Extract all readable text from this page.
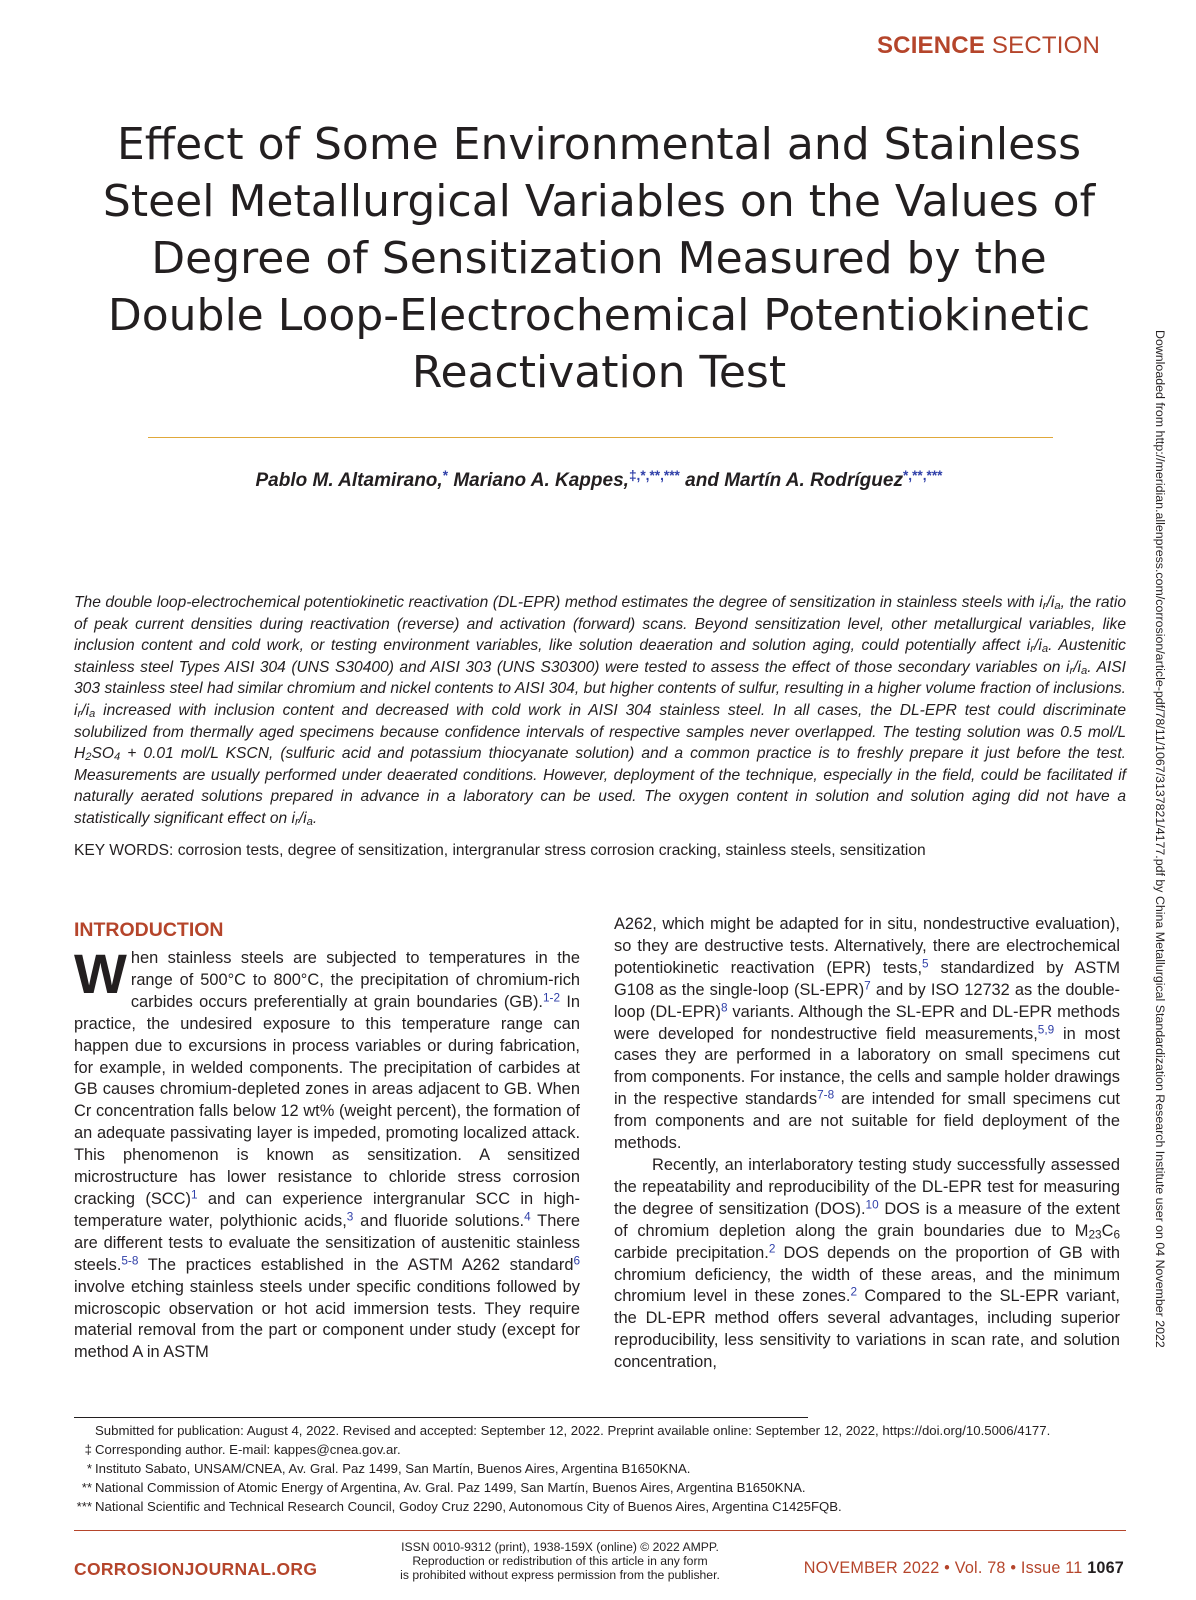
SCIENCE SECTION
Effect of Some Environmental and Stainless Steel Metallurgical Variables on the Values of Degree of Sensitization Measured by the Double Loop-Electrochemical Potentiokinetic Reactivation Test
Pablo M. Altamirano,* Mariano A. Kappes,‡,*,**,*** and Martín A. Rodríguez*,**,***

The double loop-electrochemical potentiokinetic reactivation (DL-EPR) method estimates the degree of sensitization in stainless steels with $i_r/i_a$, the ratio of peak current densities during reactivation (reverse) and activation (forward) scans. Beyond sensitization level, other metallurgical variables, like inclusion content and cold work, or testing environment variables, like solution deaeration and solution aging, could potentially affect $i_r/i_a$. Austenitic stainless steel Types AISI 304 (UNS S30400) and AISI 303 (UNS S30300) were tested to assess the effect of those secondary variables on $i_r/i_a$. AISI 303 stainless steel had similar chromium and nickel contents to AISI 304, but higher contents of sulfur, resulting in a higher volume fraction of inclusions. $i_r/i_a$ increased with inclusion content and decreased with cold work in AISI 304 stainless steel. In all cases, the DL-EPR test could discriminate solubilized from thermally aged specimens because confidence intervals of respective samples never overlapped. The testing solution was 0.5 mol/L $H_2SO_4 + 0.01$ mol/L KSCN, (sulfuric acid and potassium thiocyanate solution) and a common practice is to freshly prepare it just before the test. Measurements are usually performed under deaerated conditions. However, deployment of the technique, especially in the field, could be facilitated if naturally aerated solutions prepared in advance in a laboratory can be used. The oxygen content in solution and solution aging did not have a statistically significant effect on $i_r/i_a$.

KEY WORDS: corrosion tests, degree of sensitization, intergranular stress corrosion cracking, stainless steels, sensitization	Downloaded from http://meridian.allenpress.com/corrosion/article-pdf/78/11/1067/3137821/4177.pdf by China Metallurgical Standardization Research Institute user on 04 November 2022
INTRODUCTION

When stainless steels are subjected to temperatures in the range of 500°C to 800°C, the precipitation of chromium-rich carbides occurs preferentially at grain boundaries (GB).$^{1-2}$ In practice, the undesired exposure to this temperature range can happen due to excursions in process variables or during fabrication, for example, in welded components. The precipitation of carbides at GB causes chromium-depleted zones in areas adjacent to GB. When Cr concentration falls below 12 wt% (weight percent), the formation of an adequate passivating layer is impeded, promoting localized attack. This phenomenon is known as sensitization. A sensitized microstructure has lower resistance to chloride stress corrosion cracking (SCC)$^1$ and can experience intergranular SCC in high-temperature water, polythionic acids,$^3$ and fluoride solutions.$^4$ There are different tests to evaluate the sensitization of austenitic stainless steels.$^{5-8}$ The practices established in the ASTM A262 standard$^6$ involve etching stainless steels under specific conditions followed by microscopic observation or hot acid immersion tests. They require material removal from the part or component under study (except for method A in ASTM

A262, which might be adapted for in situ, nondestructive evaluation), so they are destructive tests. Alternatively, there are electrochemical potentiokinetic reactivation (EPR) tests,$^5$ standardized by ASTM G108 as the single-loop $(SL-EPR)^7$ and by ISO 12732 as the double-loop $(DL-EPR)^8$ variants. Although the SL-EPR and DL-EPR methods were developed for nondestructive field measurements,$^{5,9}$ in most cases they are performed in a laboratory on small specimens cut from components. For instance, the cells and sample holder drawings in the respective standards$^{7-8}$ are intended for small specimens cut from components and are not suitable for field deployment of the methods.

Recently, an interlaboratory testing study successfully assessed the repeatability and reproducibility of the DL-EPR test for measuring the degree of sensitization (DOS).$^{10}$ DOS is a measure of the extent of chromium depletion along the grain boundaries due to $M_{23}C_6$ carbide precipitation.$^2$ DOS depends on the proportion of GB with chromium deficiency, the width of these areas, and the minimum chromium level in these zones.$^2$ Compared to the SL-EPR variant, the DL-EPR method offers several advantages, including superior reproducibility, less sensitivity to variations in scan rate, and solution concentration,

Submitted for publication: August 4, 2022. Revised and accepted: September 12, 2022. Preprint available online: September 12, 2022, https://doi.org/10.5006/4177.
‡ Corresponding author. E-mail: kappes@cnea.gov.ar.
* Instituto Sabato, UNSAM/CNEA, Av. Gral. Paz 1499, San Martín, Buenos Aires, Argentina B1650KNA.
** National Commission of Atomic Energy of Argentina, Av. Gral. Paz 1499, San Martín, Buenos Aires, Argentina B1650KNA.
*** National Scientific and Technical Research Council, Godoy Cruz 2290, Autonomous City of Buenos Aires, Argentina C1425FQB.
CORROSIONJOURNAL.ORG
ISSN 0010-9312 (print), 1938-159X (online) © 2022 AMPP.
Reproduction or redistribution of this article in any form
is prohibited without express permission from the publisher.	NOVEMBER 2022 • Vol. 78 • Issue 11 1067
